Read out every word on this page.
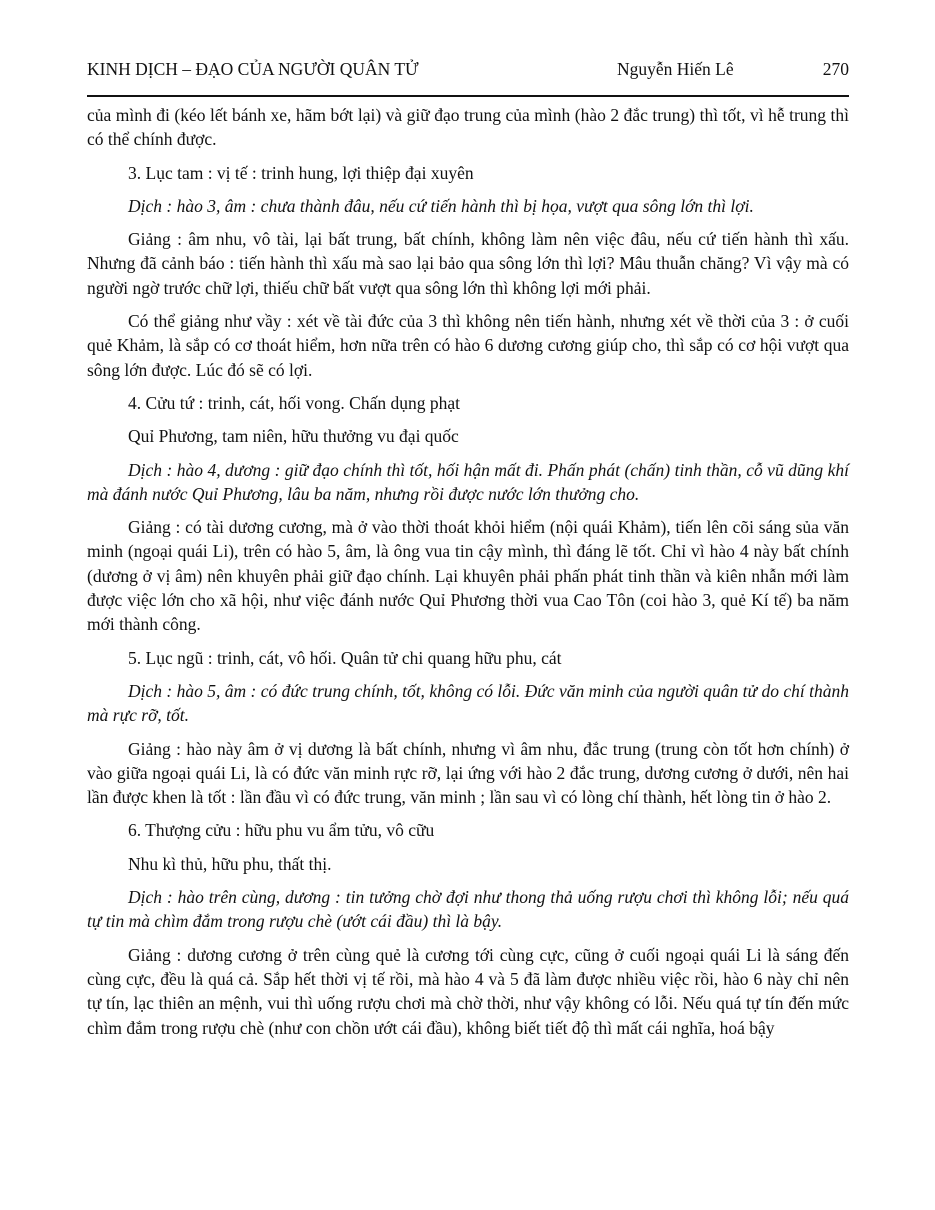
KINH DỊCH – ĐẠO CỦA NGƯỜI QUÂN TỬ	Nguyễn Hiến Lê	270

của mình đi (kéo lết bánh xe, hãm bớt lại) và giữ đạo trung của mình (hào 2 đắc trung) thì tốt, vì hễ trung thì có thể chính được.

3. Lục tam : vị tế : trinh hung, lợi thiệp đại xuyên

Dịch : hào 3, âm : chưa thành đâu, nếu cứ tiến hành thì bị họa, vượt qua sông lớn thì lợi.

Giảng : âm nhu, vô tài, lại bất trung, bất chính, không làm nên việc đâu, nếu cứ tiến hành thì xấu. Nhưng đã cảnh báo : tiến hành thì xấu mà sao lại bảo qua sông lớn thì lợi? Mâu thuẫn chăng? Vì vậy mà có người ngờ trước chữ lợi, thiếu chữ bất vượt qua sông lớn thì không lợi mới phải.

Có thể giảng như vầy : xét về tài đức của 3 thì không nên tiến hành, nhưng xét về thời của 3 : ở cuối quẻ Khảm, là sắp có cơ thoát hiểm, hơn nữa trên có hào 6 dương cương giúp cho, thì sắp có cơ hội vượt qua sông lớn được. Lúc đó sẽ có lợi.

4. Cửu tứ : trinh, cát, hối vong. Chấn dụng phạt

Quỉ Phương, tam niên, hữu thưởng vu đại quốc

Dịch : hào 4, dương : giữ đạo chính thì tốt, hối hận mất đi. Phấn phát (chấn) tinh thần, cỗ vũ dũng khí mà đánh nước Quỉ Phương, lâu ba năm, nhưng rồi được nước lớn thưởng cho.

Giảng : có tài dương cương, mà ở vào thời thoát khỏi hiểm (nội quái Khảm), tiến lên cõi sáng sủa văn minh (ngoại quái Li), trên có hào 5, âm, là ông vua tin cậy mình, thì đáng lẽ tốt. Chỉ vì hào 4 này bất chính (dương ở vị âm) nên khuyên phải giữ đạo chính. Lại khuyên phải phấn phát tinh thần và kiên nhẫn mới làm được việc lớn cho xã hội, như việc đánh nước Quỉ Phương thời vua Cao Tôn (coi hào 3, quẻ Kí tế) ba năm mới thành công.

5. Lục ngũ : trinh, cát, vô hối. Quân tử chi quang hữu phu, cát

Dịch : hào 5, âm : có đức trung chính, tốt, không có lỗi. Đức văn minh của người quân tử do chí thành mà rực rỡ, tốt.

Giảng : hào này âm ở vị dương là bất chính, nhưng vì âm nhu, đắc trung (trung còn tốt hơn chính) ở vào giữa ngoại quái Li, là có đức văn minh rực rỡ, lại ứng với hào 2 đắc trung, dương cương ở dưới, nên hai lần được khen là tốt : lần đầu vì có đức trung, văn minh ; lần sau vì có lòng chí thành, hết lòng tin ở hào 2.

6. Thượng cửu : hữu phu vu ẩm tửu, vô cữu

Nhu kì thủ, hữu phu, thất thị.

Dịch : hào trên cùng, dương : tin tưởng chờ đợi như thong thả uống rượu chơi thì không lỗi; nếu quá tự tin mà chìm đắm trong rượu chè (ướt cái đầu) thì là bậy.

Giảng : dương cương ở trên cùng quẻ là cương tới cùng cực, cũng ở cuối ngoại quái Li là sáng đến cùng cực, đều là quá cả. Sắp hết thời vị tế rồi, mà hào 4 và 5 đã làm được nhiều việc rồi, hào 6 này chỉ nên tự tín, lạc thiên an mệnh, vui thì uống rượu chơi mà chờ thời, như vậy không có lỗi. Nếu quá tự tín đến mức chìm đắm trong rượu chè (như con chồn ướt cái đầu), không biết tiết độ thì mất cái nghĩa, hoá bậy
